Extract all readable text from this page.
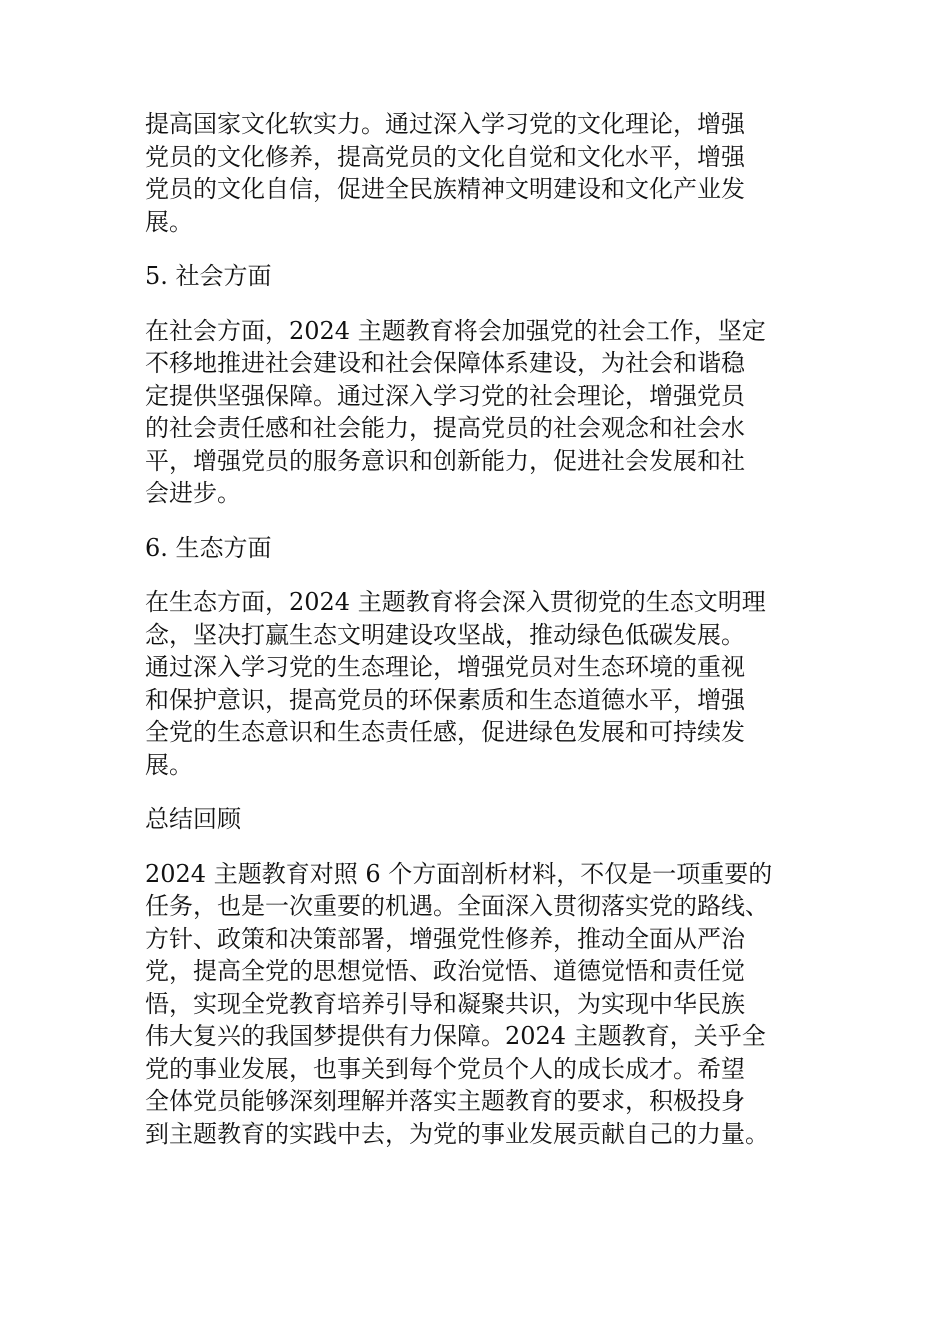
提高国家文化软实力。通过深入学习党的文化理论，增强
党员的文化修养，提高党员的文化自觉和文化水平，增强
党员的文化自信，促进全民族精神文明建设和文化产业发
展。

5. 社会方面

在社会方面，2024 主题教育将会加强党的社会工作，坚定
不移地推进社会建设和社会保障体系建设，为社会和谐稳
定提供坚强保障。通过深入学习党的社会理论，增强党员
的社会责任感和社会能力，提高党员的社会观念和社会水
平，增强党员的服务意识和创新能力，促进社会发展和社
会进步。

6. 生态方面

在生态方面，2024 主题教育将会深入贯彻党的生态文明理
念，坚决打赢生态文明建设攻坚战，推动绿色低碳发展。
通过深入学习党的生态理论，增强党员对生态环境的重视
和保护意识，提高党员的环保素质和生态道德水平，增强
全党的生态意识和生态责任感，促进绿色发展和可持续发
展。

总结回顾

2024 主题教育对照 6 个方面剖析材料，不仅是一项重要的
任务，也是一次重要的机遇。全面深入贯彻落实党的路线、
方针、政策和决策部署，增强党性修养，推动全面从严治
党，提高全党的思想觉悟、政治觉悟、道德觉悟和责任觉
悟，实现全党教育培养引导和凝聚共识，为实现中华民族
伟大复兴的我国梦提供有力保障。2024 主题教育，关乎全
党的事业发展，也事关到每个党员个人的成长成才。希望
全体党员能够深刻理解并落实主题教育的要求，积极投身
到主题教育的实践中去，为党的事业发展贡献自己的力量。
